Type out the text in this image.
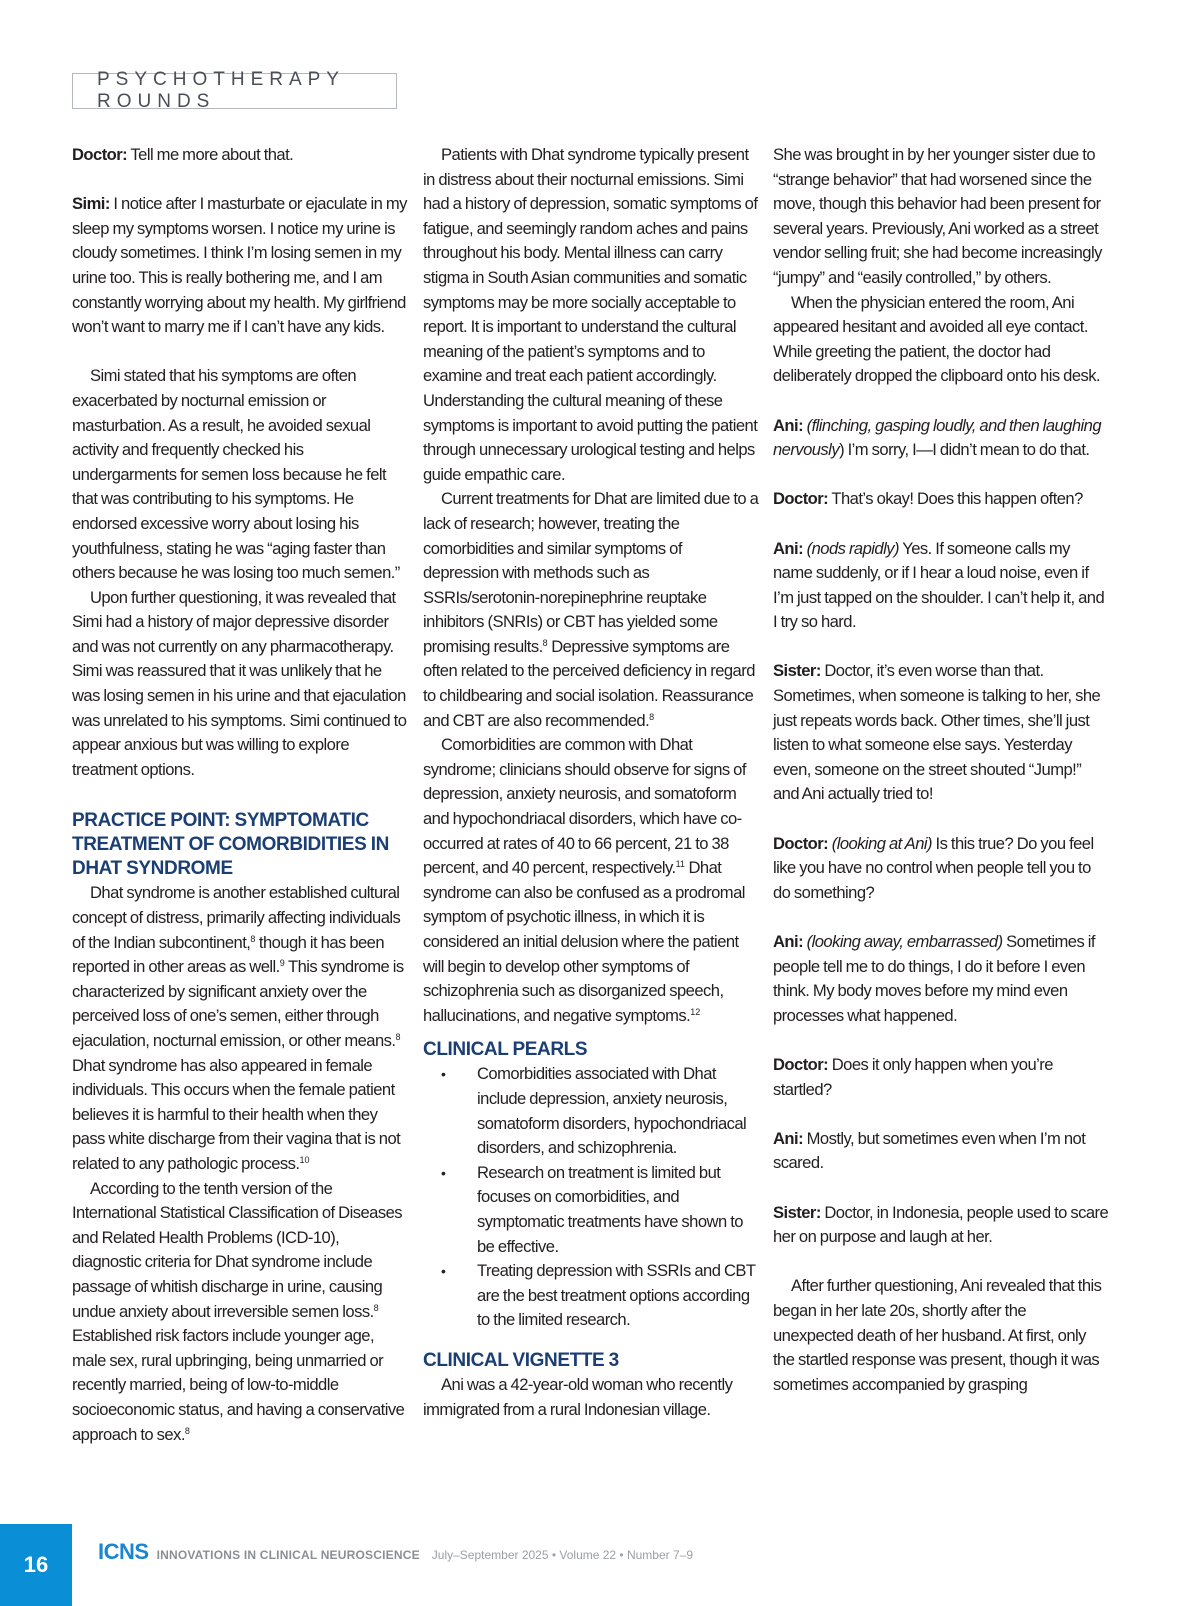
PSYCHOTHERAPY ROUNDS

Doctor: Tell me more about that.

Simi: I notice after I masturbate or ejaculate in my sleep my symptoms worsen. I notice my urine is cloudy sometimes. I think I’m losing semen in my urine too. This is really bothering me, and I am constantly worrying about my health. My girlfriend won’t want to marry me if I can’t have any kids.

Simi stated that his symptoms are often exacerbated by nocturnal emission or masturbation. As a result, he avoided sexual activity and frequently checked his undergarments for semen loss because he felt that was contributing to his symptoms. He endorsed excessive worry about losing his youthfulness, stating he was “aging faster than others because he was losing too much semen.”

Upon further questioning, it was revealed that Simi had a history of major depressive disorder and was not currently on any pharmacotherapy. Simi was reassured that it was unlikely that he was losing semen in his urine and that ejaculation was unrelated to his symptoms. Simi continued to appear anxious but was willing to explore treatment options.

PRACTICE POINT: SYMPTOMATIC TREATMENT OF COMORBIDITIES IN DHAT SYNDROME

Dhat syndrome is another established cultural concept of distress, primarily affecting individuals of the Indian subcontinent,$^8$ though it has been reported in other areas as well.$^9$ This syndrome is characterized by significant anxiety over the perceived loss of one’s semen, either through ejaculation, nocturnal emission, or other means.$^8$ Dhat syndrome has also appeared in female individuals. This occurs when the female patient believes it is harmful to their health when they pass white discharge from their vagina that is not related to any pathologic process.$^{10}$

According to the tenth version of the International Statistical Classification of Diseases and Related Health Problems (ICD-10), diagnostic criteria for Dhat syndrome include passage of whitish discharge in urine, causing undue anxiety about irreversible semen loss.$^8$ Established risk factors include younger age, male sex, rural upbringing, being unmarried or recently married, being of low-to-middle socioeconomic status, and having a conservative approach to sex.$^8$

Patients with Dhat syndrome typically present in distress about their nocturnal emissions. Simi had a history of depression, somatic symptoms of fatigue, and seemingly random aches and pains throughout his body. Mental illness can carry stigma in South Asian communities and somatic symptoms may be more socially acceptable to report. It is important to understand the cultural meaning of the patient’s symptoms and to examine and treat each patient accordingly. Understanding the cultural meaning of these symptoms is important to avoid putting the patient through unnecessary urological testing and helps guide empathic care.

Current treatments for Dhat are limited due to a lack of research; however, treating the comorbidities and similar symptoms of depression with methods such as SSRIs/serotonin-norepinephrine reuptake inhibitors (SNRIs) or CBT has yielded some promising results.$^8$ Depressive symptoms are often related to the perceived deficiency in regard to childbearing and social isolation. Reassurance and CBT are also recommended.$^8$

Comorbidities are common with Dhat syndrome; clinicians should observe for signs of depression, anxiety neurosis, and somatoform and hypochondriacal disorders, which have co-occurred at rates of 40 to 66 percent, 21 to 38 percent, and 40 percent, respectively.$^{11}$ Dhat syndrome can also be confused as a prodromal symptom of psychotic illness, in which it is considered an initial delusion where the patient will begin to develop other symptoms of schizophrenia such as disorganized speech, hallucinations, and negative symptoms.$^{12}$

CLINICAL PEARLS
• Comorbidities associated with Dhat include depression, anxiety neurosis, somatoform disorders, hypochondriacal disorders, and schizophrenia.
• Research on treatment is limited but focuses on comorbidities, and symptomatic treatments have shown to be effective.
• Treating depression with SSRIs and CBT are the best treatment options according to the limited research.
CLINICAL VIGNETTE 3

Ani was a 42-year-old woman who recently immigrated from a rural Indonesian village.

She was brought in by her younger sister due to “strange behavior” that had worsened since the move, though this behavior had been present for several years. Previously, Ani worked as a street vendor selling fruit; she had become increasingly “jumpy” and “easily controlled,” by others.

When the physician entered the room, Ani appeared hesitant and avoided all eye contact. While greeting the patient, the doctor had deliberately dropped the clipboard onto his desk.

Ani: (flinching, gasping loudly, and then laughing nervously) I’m sorry, I—I didn’t mean to do that.

Doctor: That’s okay! Does this happen often?

Ani: (nods rapidly) Yes. If someone calls my name suddenly, or if I hear a loud noise, even if I’m just tapped on the shoulder. I can’t help it, and I try so hard.

Sister: Doctor, it’s even worse than that. Sometimes, when someone is talking to her, she just repeats words back. Other times, she’ll just listen to what someone else says. Yesterday even, someone on the street shouted “Jump!” and Ani actually tried to!

Doctor: (looking at Ani) Is this true? Do you feel like you have no control when people tell you to do something?

Ani: (looking away, embarrassed) Sometimes if people tell me to do things, I do it before I even think. My body moves before my mind even processes what happened.

Doctor: Does it only happen when you’re startled?

Ani: Mostly, but sometimes even when I’m not scared.

Sister: Doctor, in Indonesia, people used to scare her on purpose and laugh at her.

After further questioning, Ani revealed that this began in her late 20s, shortly after the unexpected death of her husband. At first, only the startled response was present, though it was sometimes accompanied by grasping

16
ICNS INNOVATIONS IN CLINICAL NEUROSCIENCE July–September 2025 • Volume 22 • Number 7–9
